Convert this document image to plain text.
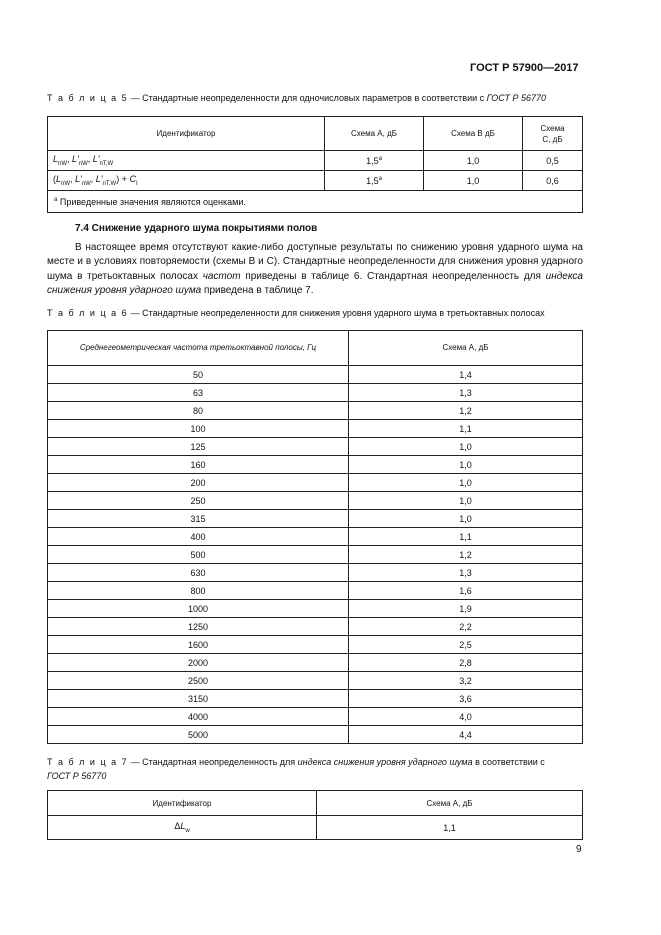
ГОСТ Р 57900—2017
Т а б л и ц а 5 — Стандартные неопределенности для одночисловых параметров в соответствии с ГОСТ Р 56770
Идентификатор	Схема А, дБ	Схема В дБ	Схема С, дБ
$L_{nW}$, $L'_{nW}$, $L'_{nT,W}$	1,5$^a$	1,0	0,5
($L_{nW}$, $L'_{nW}$, $L'_{nT,W}) + C_I$	1,5$^a$	1,0	0,6
$^a$ Приведенные значения являются оценками.			
7.4 Снижение ударного шума покрытиями полов

В настоящее время отсутствуют какие-либо доступные результаты по снижению уровня ударного шума на месте и в условиях повторяемости (схемы В и С). Стандартные неопределенности для снижения уровня ударного шума в третьоктавных полосах частот приведены в таблице 6. Стандартная неопределенность для индекса снижения уровня ударного шума приведена в таблице 7.

Т а б л и ц а 6 — Стандартные неопределенности для снижения уровня ударного шума в третьоктавных полосах
Среднегеометрическая частота третьоктавной полосы, Гц	Схема А, дБ
50	1,4
63	1,3
80	1,2
100	1,1
125	1,0
160	1,0
200	1,0
250	1,0
315	1,0
400	1,1
500	1,2
630	1,3
800	1,6
1000	1,9
1250	2,2
1600	2,5
2000	2,8
2500	3,2
3150	3,6
4000	4,0
5000	4,4
Т а б л и ц а 7 — Стандартная неопределенность для индекса снижения уровня ударного шума в соответствии с
ГОСТ Р 56770
Идентификатор	Схема А, дБ
$\Delta L_w$	1,1
9
